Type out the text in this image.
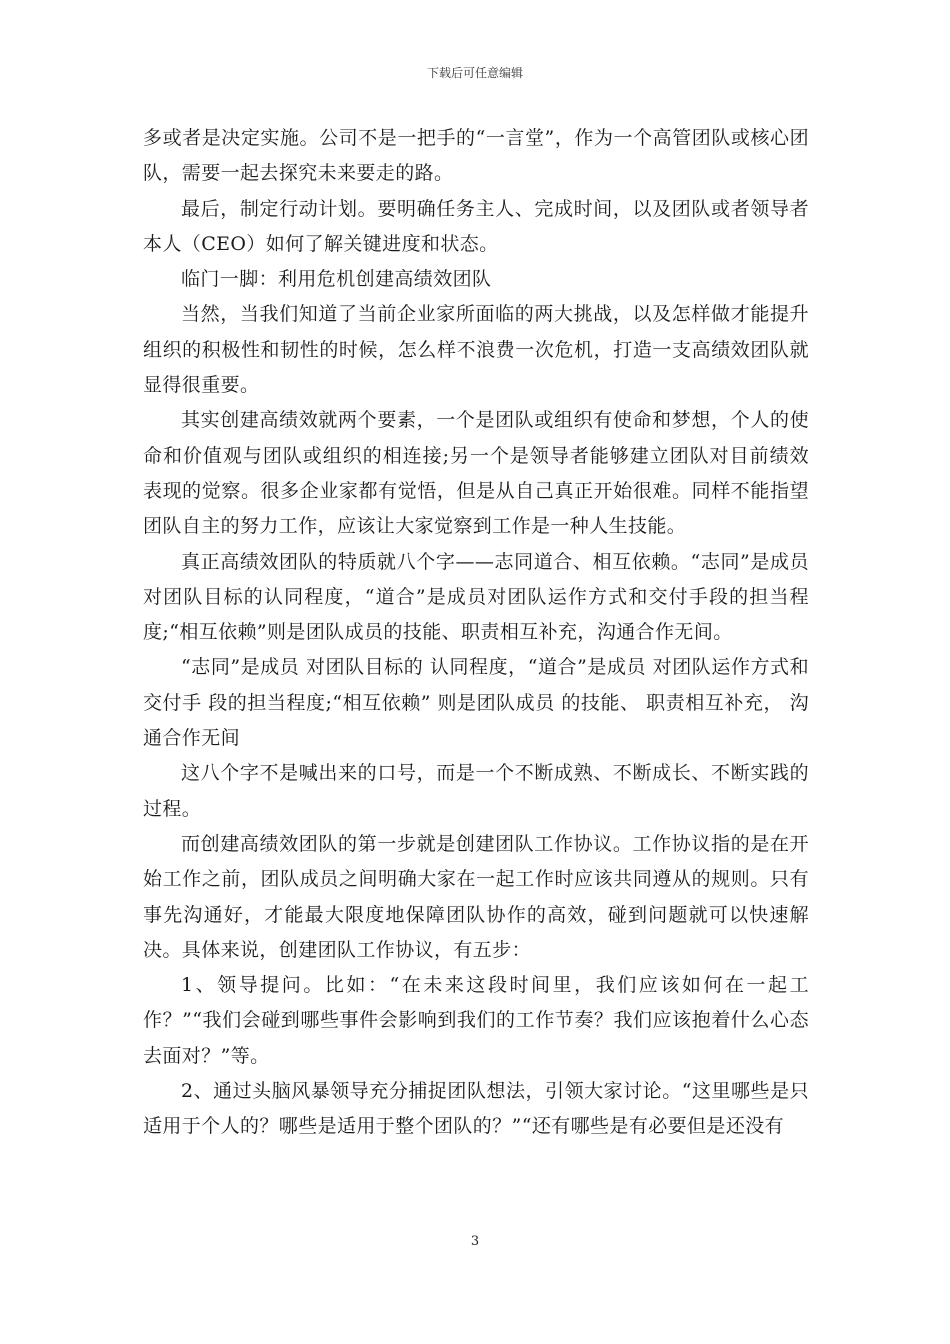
下载后可任意编辑

多或者是决定实施。公司不是一把手的“一言堂”，作为一个高管团队或核心团队，需要一起去探究未来要走的路。

最后，制定行动计划。要明确任务主人、完成时间，以及团队或者领导者本人（CEO）如何了解关键进度和状态。

临门一脚：利用危机创建高绩效团队

当然，当我们知道了当前企业家所面临的两大挑战，以及怎样做才能提升组织的积极性和韧性的时候，怎么样不浪费一次危机，打造一支高绩效团队就显得很重要。

其实创建高绩效就两个要素，一个是团队或组织有使命和梦想，个人的使命和价值观与团队或组织的相连接;另一个是领导者能够建立团队对目前绩效表现的觉察。很多企业家都有觉悟，但是从自己真正开始很难。同样不能指望团队自主的努力工作，应该让大家觉察到工作是一种人生技能。

真正高绩效团队的特质就八个字——志同道合、相互依赖。“志同”是成员对团队目标的认同程度，“道合”是成员对团队运作方式和交付手段的担当程度;“相互依赖”则是团队成员的技能、职责相互补充，沟通合作无间。

“志同”是成员 对团队目标的 认同程度，“道合”是成员 对团队运作方式和交付手 段的担当程度;“相互依赖” 则是团队成员 的技能、 职责相互补充， 沟通合作无间

这八个字不是喊出来的口号，而是一个不断成熟、不断成长、不断实践的过程。

而创建高绩效团队的第一步就是创建团队工作协议。工作协议指的是在开始工作之前，团队成员之间明确大家在一起工作时应该共同遵从的规则。只有事先沟通好，才能最大限度地保障团队协作的高效，碰到问题就可以快速解决。具体来说，创建团队工作协议，有五步：

1、领导提问。比如：“在未来这段时间里，我们应该如何在一起工作？”“我们会碰到哪些事件会影响到我们的工作节奏？我们应该抱着什么心态去面对？”等。

2、通过头脑风暴领导充分捕捉团队想法，引领大家讨论。“这里哪些是只适用于个人的？哪些是适用于整个团队的？”“还有哪些是有必要但是还没有

3
